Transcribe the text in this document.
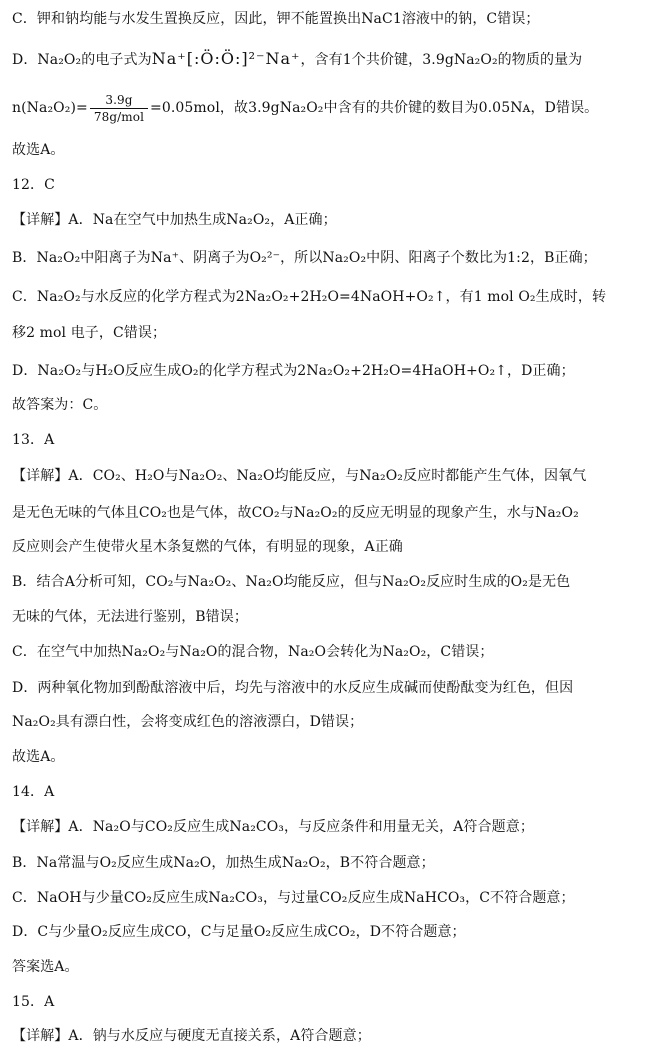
C．钾和钠均能与水发生置换反应，因此，钾不能置换出NaC1溶液中的钠，C错误；
D．Na₂O₂的电子式为Na⁺[:Ö:Ö:]²⁻Na⁺，含有1个共价键，3.9gNa₂O₂的物质的量为
$n(Na_2O_2)= \frac{3.9g}{\text{78g/mol}} =0.05mol$，故3.9gNa₂O₂中含有的共价键的数目为0.05Nᴀ，D错误。
故选A。
12．C
【详解】A．Na在空气中加热生成Na₂O₂，A正确；
B．Na₂O₂中阳离子为Na⁺、阴离子为O₂²⁻，所以Na₂O₂中阴、阳离子个数比为1:2，B正确；
C．Na₂O₂与水反应的化学方程式为2Na₂O₂+2H₂O=4NaOH+O₂↑，有1 mol O₂生成时，转
移2 mol 电子，C错误；
D．Na₂O₂与H₂O反应生成O₂的化学方程式为2Na₂O₂+2H₂O=4HaOH+O₂↑，D正确；
故答案为：C。
13．A
【详解】A．CO₂、H₂O与Na₂O₂、Na₂O均能反应，与Na₂O₂反应时都能产生气体，因氧气
是无色无味的气体且CO₂也是气体，故CO₂与Na₂O₂的反应无明显的现象产生，水与Na₂O₂
反应则会产生使带火星木条复燃的气体，有明显的现象，A正确
B．结合A分析可知，CO₂与Na₂O₂、Na₂O均能反应，但与Na₂O₂反应时生成的O₂是无色
无味的气体，无法进行鉴别，B错误；
C．在空气中加热Na₂O₂与Na₂O的混合物，Na₂O会转化为Na₂O₂，C错误；
D．两种氧化物加到酚酞溶液中后，均先与溶液中的水反应生成碱而使酚酞变为红色，但因
Na₂O₂具有漂白性，会将变成红色的溶液漂白，D错误；
故选A。
14．A
【详解】A．Na₂O与CO₂反应生成Na₂CO₃，与反应条件和用量无关，A符合题意；
B．Na常温与O₂反应生成Na₂O，加热生成Na₂O₂，B不符合题意；
C．NaOH与少量CO₂反应生成Na₂CO₃，与过量CO₂反应生成NaHCO₃，C不符合题意；
D．C与少量O₂反应生成CO，C与足量O₂反应生成CO₂，D不符合题意；
答案选A。
15．A
【详解】A．钠与水反应与硬度无直接关系，A符合题意；
